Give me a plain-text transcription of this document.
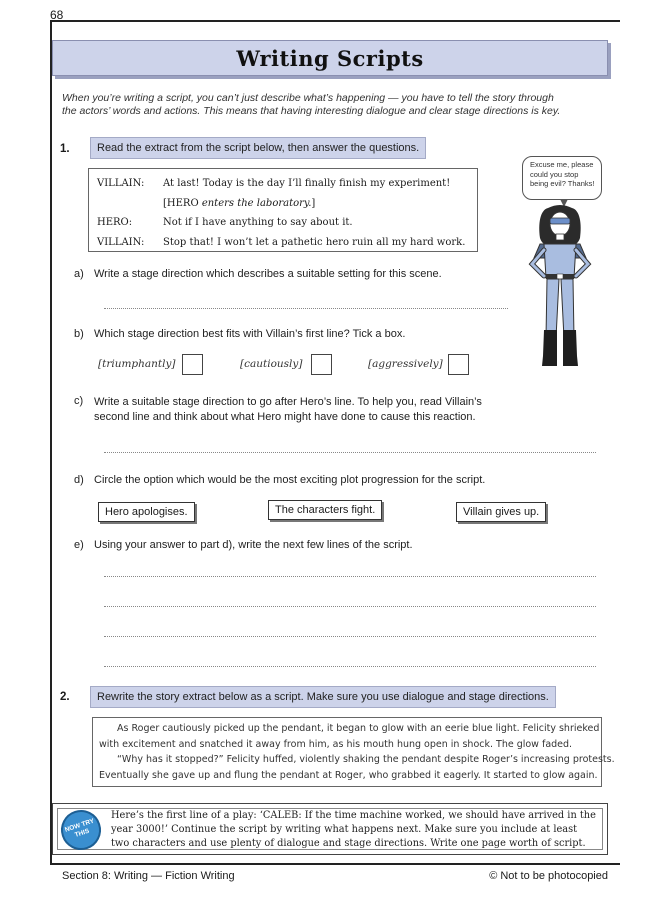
68
Writing Scripts
When you’re writing a script, you can’t just describe what’s happening — you have to tell the story through
the actors’ words and actions. This means that having interesting dialogue and clear stage directions is key.
1.	Read the extract from the script below, then answer the questions.
VILLAIN:	At last! Today is the day I’ll finally finish my experiment!
[HERO enters the laboratory.]
HERO:	Not if I have anything to say about it.
VILLAIN:	Stop that! I won’t let a pathetic hero ruin all my hard work.
Excuse me, please could you stop being evil? Thanks!
a) Write a stage direction which describes a suitable setting for this scene.
b) Which stage direction best fits with Villain’s first line? Tick a box.
[triumphantly]	[cautiously]	[aggressively]
c) Write a suitable stage direction to go after Hero’s line. To help you, read Villain’s
second line and think about what Hero might have done to cause this reaction.
d) Circle the option which would be the most exciting plot progression for the script.
Hero apologises.	The characters fight.	Villain gives up.
e) Using your answer to part d), write the next few lines of the script.
2.	Rewrite the story extract below as a script. Make sure you use dialogue and stage directions.

As Roger cautiously picked up the pendant, it began to glow with an eerie blue light. Felicity shrieked

with excitement and snatched it away from him, as his mouth hung open in shock. The glow faded.

“Why has it stopped?” Felicity huffed, violently shaking the pendant despite Roger’s increasing protests.

Eventually she gave up and flung the pendant at Roger, who grabbed it eagerly. It started to glow again.

NOW TRY THIS

Here’s the first line of a play: ‘CALEB: If the time machine worked, we should have arrived in the

year 3000!’ Continue the script by writing what happens next. Make sure you include at least

two characters and use plenty of dialogue and stage directions. Write one page worth of script.

Section 8: Writing — Fiction Writing	© Not to be photocopied
